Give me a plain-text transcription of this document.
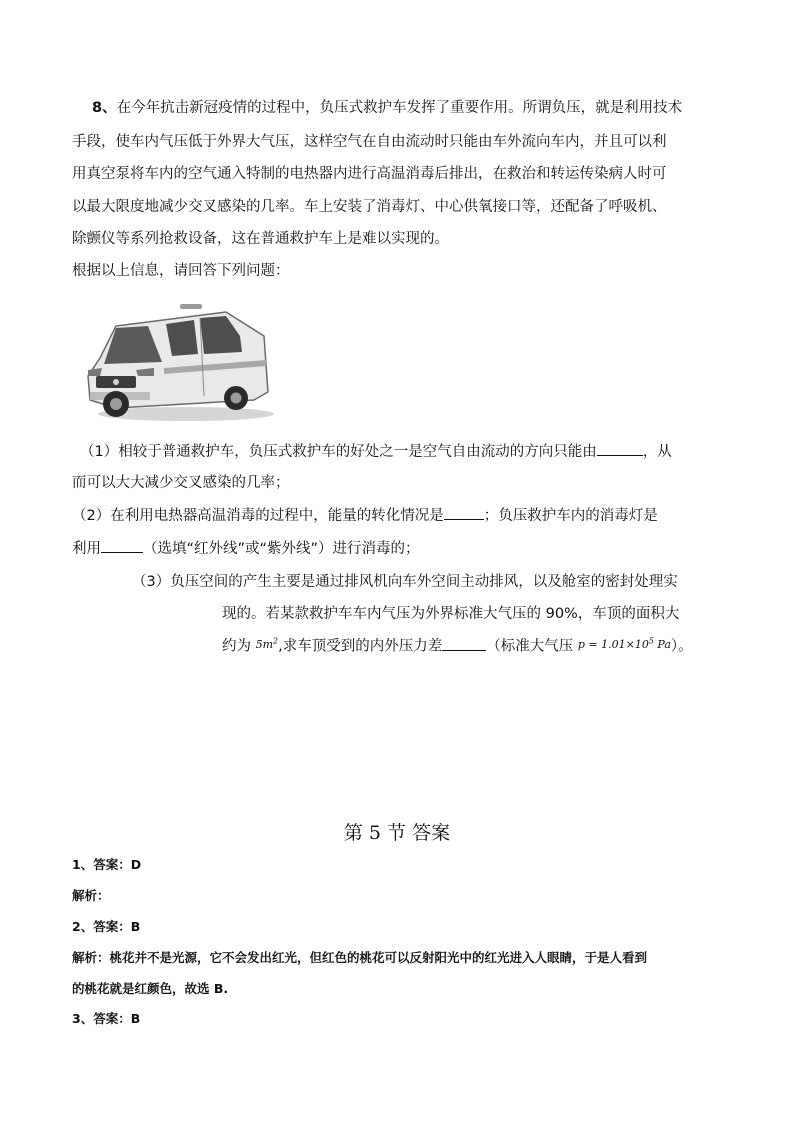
8、在今年抗击新冠疫情的过程中，负压式救护车发挥了重要作用。所谓负压，就是利用技术
手段，使车内气压低于外界大气压，这样空气在自由流动时只能由车外流向车内，并且可以利
用真空泵将车内的空气通入特制的电热器内进行高温消毒后排出，在救治和转运传染病人时可
以最大限度地减少交叉感染的几率。车上安装了消毒灯、中心供氧接口等，还配备了呼吸机、
除颤仪等系列抢救设备，这在普通救护车上是难以实现的。
根据以上信息，请回答下列问题：
（1）相较于普通救护车，负压式救护车的好处之一是空气自由流动的方向只能由	，从
而可以大大减少交叉感染的几率；
（2）在利用电热器高温消毒的过程中，能量的转化情况是	；负压救护车内的消毒灯是
利用	（选填“红外线”或“紫外线”）进行消毒的；
（3）负压空间的产生主要是通过排风机向车外空间主动排风，以及舱室的密封处理实
现的。若某款救护车车内气压为外界标准大气压的 90%，车顶的面积大
约为 $^{5m^2}$,求车顶受到的内外压力差	（标准大气压 $^{p = 1.01\times 10^5 Pa}$）。
第 5 节 答案
1、答案：D
解析：
2、答案：B
解析：桃花并不是光源，它不会发出红光，但红色的桃花可以反射阳光中的红光进入人眼睛，于是人看到
的桃花就是红颜色，故选 B.
3、答案：B
